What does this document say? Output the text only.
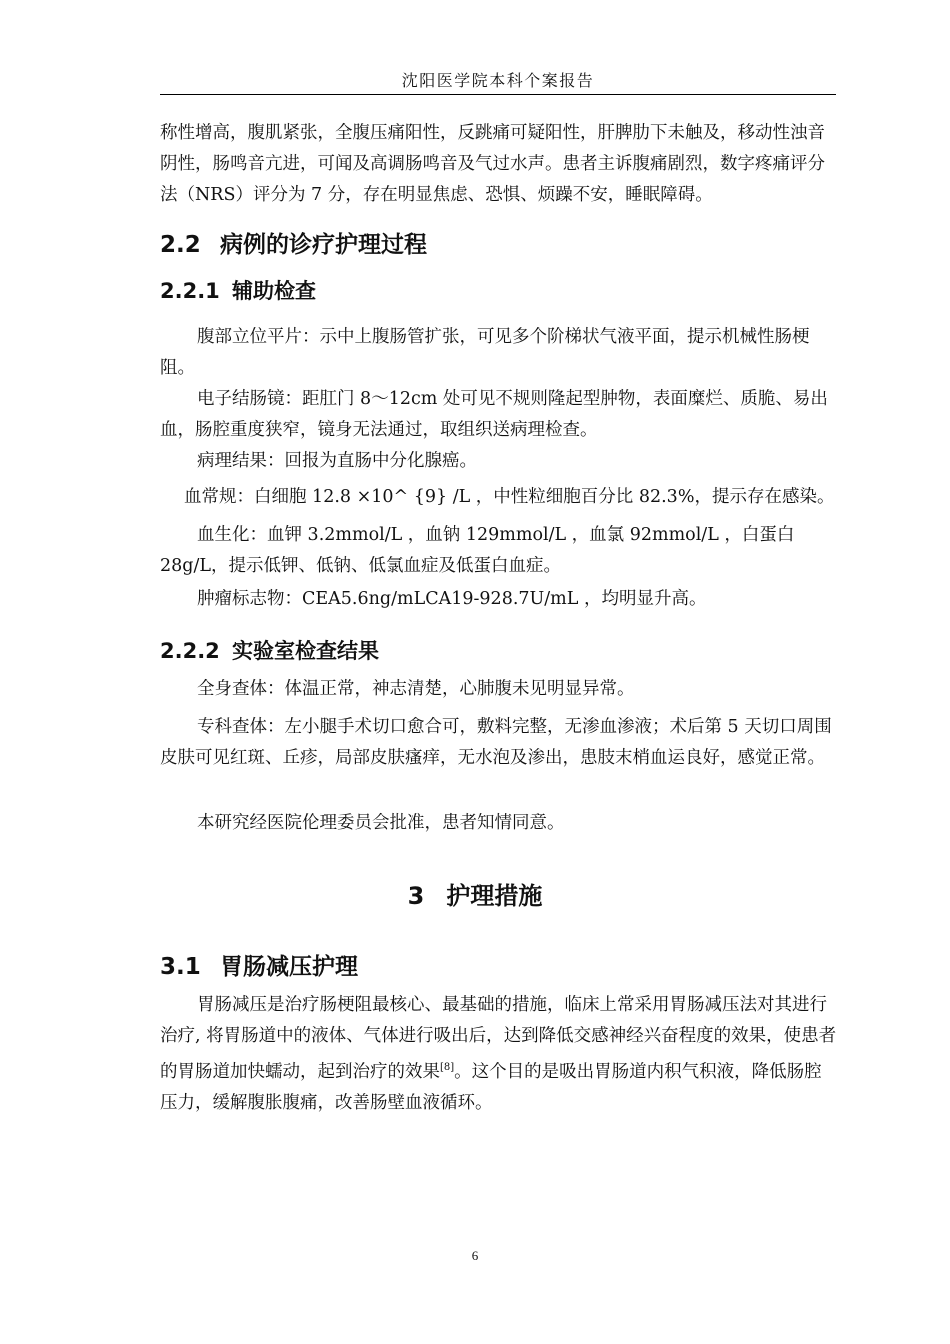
沈阳医学院本科个案报告

称性增高，腹肌紧张，全腹压痛阳性，反跳痛可疑阳性，肝脾肋下未触及，移动性浊音阴性，肠鸣音亢进，可闻及高调肠鸣音及气过水声。患者主诉腹痛剧烈，数字疼痛评分法（NRS）评分为 7 分，存在明显焦虑、恐惧、烦躁不安，睡眠障碍。

2.2 病例的诊疗护理过程
2.2.1 辅助检查

腹部立位平片：示中上腹肠管扩张，可见多个阶梯状气液平面，提示机械性肠梗阻。

电子结肠镜：距肛门 8～12cm 处可见不规则隆起型肿物，表面糜烂、质脆、易出血，肠腔重度狭窄，镜身无法通过，取组织送病理检查。

病理结果：回报为直肠中分化腺癌。

血常规：白细胞 12.8 ×10^ {9} /L ，中性粒细胞百分比 82.3%，提示存在感染。

血生化：血钾 3.2mmol/L ，血钠 129mmol/L ，血氯 92mmol/L ，白蛋白 28g/L，提示低钾、低钠、低氯血症及低蛋白血症。

肿瘤标志物：CEA5.6ng/mLCA19-928.7U/mL ，均明显升高。

2.2.2 实验室检查结果

全身查体：体温正常，神志清楚，心肺腹未见明显异常。

专科查体：左小腿手术切口愈合可，敷料完整，无渗血渗液；术后第 5 天切口周围皮肤可见红斑、丘疹，局部皮肤瘙痒，无水泡及渗出，患肢末梢血运良好，感觉正常。

本研究经医院伦理委员会批准，患者知情同意。

3 护理措施
3.1 胃肠减压护理

胃肠减压是治疗肠梗阻最核心、最基础的措施，临床上常采用胃肠减压法对其进行治疗, 将胃肠道中的液体、气体进行吸出后，达到降低交感神经兴奋程度的效果，使患者的胃肠道加快蠕动，起到治疗的效果[8]。这个目的是吸出胃肠道内积气积液，降低肠腔压力，缓解腹胀腹痛，改善肠壁血液循环。

6
